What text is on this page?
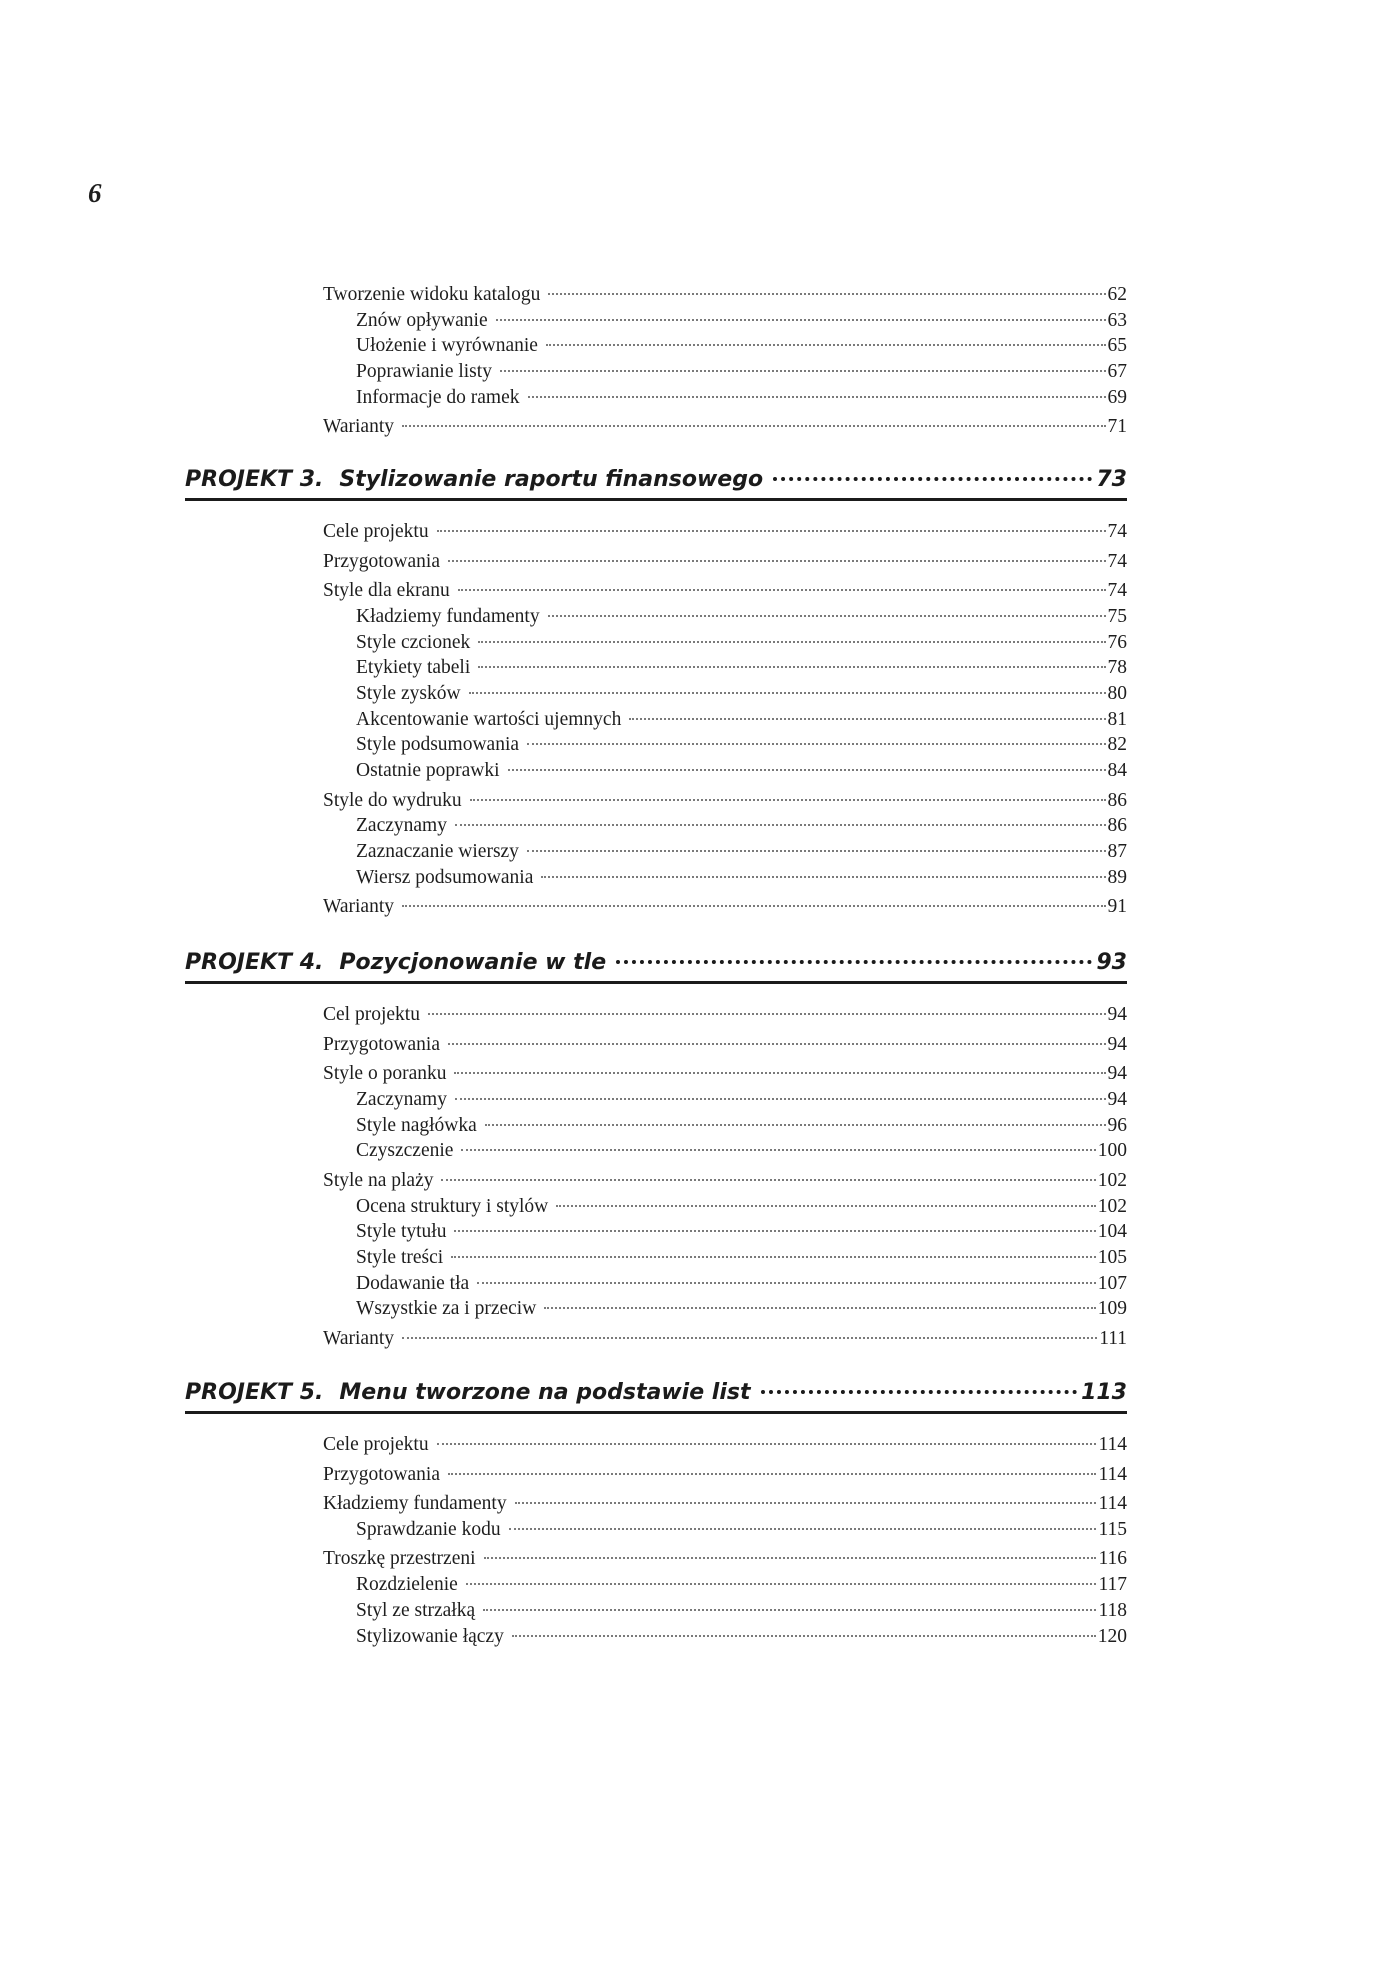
6
Tworzenie widoku katalogu	62
Znów opływanie	63
Ułożenie i wyrównanie	65
Poprawianie listy	67
Informacje do ramek	69
Warianty	71
PROJEKT 3. Stylizowanie raportu finansowego	73
Cele projektu	74
Przygotowania	74
Style dla ekranu	74
Kładziemy fundamenty	75
Style czcionek	76
Etykiety tabeli	78
Style zysków	80
Akcentowanie wartości ujemnych	81
Style podsumowania	82
Ostatnie poprawki	84
Style do wydruku	86
Zaczynamy	86
Zaznaczanie wierszy	87
Wiersz podsumowania	89
Warianty	91
PROJEKT 4. Pozycjonowanie w tle	93
Cel projektu	94
Przygotowania	94
Style o poranku	94
Zaczynamy	94
Style nagłówka	96
Czyszczenie	100
Style na plaży	102
Ocena struktury i stylów	102
Style tytułu	104
Style treści	105
Dodawanie tła	107
Wszystkie za i przeciw	109
Warianty	111
PROJEKT 5. Menu tworzone na podstawie list	113
Cele projektu	114
Przygotowania	114
Kładziemy fundamenty	114
Sprawdzanie kodu	115
Troszkę przestrzeni	116
Rozdzielenie	117
Styl ze strzałką	118
Stylizowanie łączy	120
